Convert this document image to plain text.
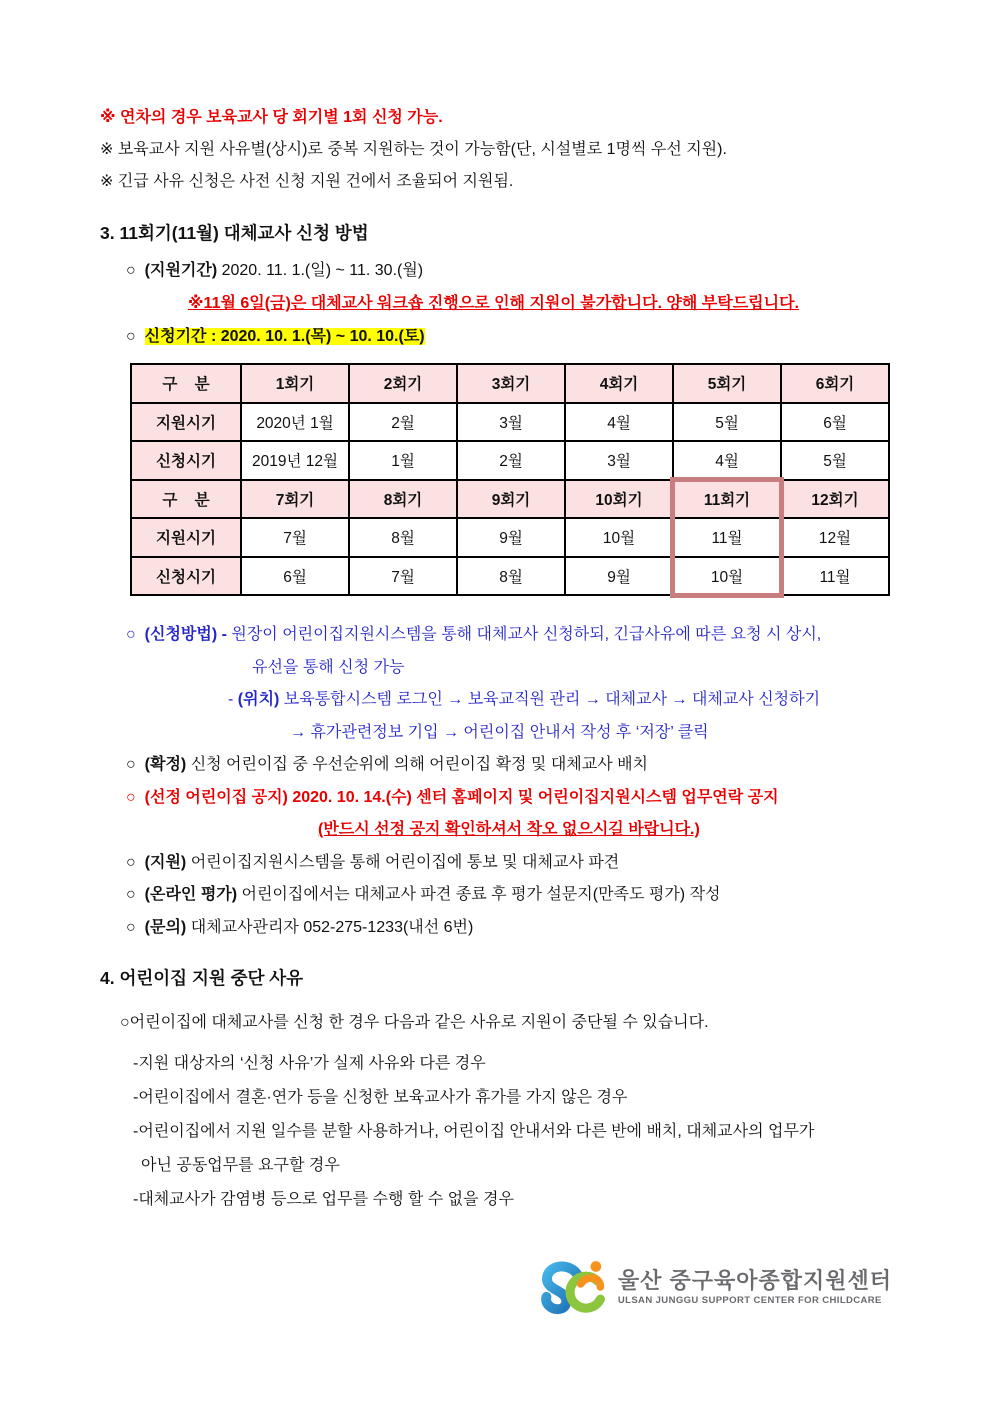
※ 연차의 경우 보육교사 당 회기별 1회 신청 가능.
※ 보육교사 지원 사유별(상시)로 중복 지원하는 것이 가능함(단, 시설별로 1명씩 우선 지원).
※ 긴급 사유 신청은 사전 신청 지원 건에서 조율되어 지원됨.
3. 11회기(11월) 대체교사 신청 방법
○ (지원기간) 2020. 11. 1.(일) ~ 11. 30.(월)
※11월 6일(금)은 대체교사 워크숍 진행으로 인해 지원이 불가합니다. 양해 부탁드립니다.
○ 신청기간 : 2020. 10. 1.(목) ~ 10. 10.(토)
구    분	1회기	2회기	3회기	4회기	5회기	6회기
지원시기	2020년 1월	2월	3월	4월	5월	6월
신청시기	2019년 12월	1월	2월	3월	4월	5월
구    분	7회기	8회기	9회기	10회기	11회기	12회기
지원시기	7월	8월	9월	10월	11월	12월
신청시기	6월	7월	8월	9월	10월	11월
○ (신청방법) - 원장이 어린이집지원시스템을 통해 대체교사 신청하되, 긴급사유에 따른 요청 시 상시,
유선을 통해 신청 가능
- (위치) 보육통합시스템 로그인 → 보육교직원 관리 → 대체교사 → 대체교사 신청하기
→ 휴가관련정보 기입 → 어린이집 안내서 작성 후 ‘저장’ 클릭
○ (확정) 신청 어린이집 중 우선순위에 의해 어린이집 확정 및 대체교사 배치
○ (선정 어린이집 공지) 2020. 10. 14.(수) 센터 홈페이지 및 어린이집지원시스템 업무연락 공지
(반드시 선정 공지 확인하셔서 착오 없으시길 바랍니다.)
○ (지원) 어린이집지원시스템을 통해 어린이집에 통보 및 대체교사 파견
○ (온라인 평가) 어린이집에서는 대체교사 파견 종료 후 평가 설문지(만족도 평가) 작성
○ (문의) 대체교사관리자 052-275-1233(내선 6번)
4. 어린이집 지원 중단 사유
○어린이집에 대체교사를 신청 한 경우 다음과 같은 사유로 지원이 중단될 수 있습니다.
-지원 대상자의 ‘신청 사유’가 실제 사유와 다른 경우
-어린이집에서 결혼·연가 등을 신청한 보육교사가 휴가를 가지 않은 경우
-어린이집에서 지원 일수를 분할 사용하거나, 어린이집 안내서와 다른 반에 배치, 대체교사의 업무가
아닌 공동업무를 요구할 경우
-대체교사가 감염병 등으로 업무를 수행 할 수 없을 경우
울산 중구육아종합지원센터
ULSAN JUNGGU SUPPORT CENTER FOR CHILDCARE
